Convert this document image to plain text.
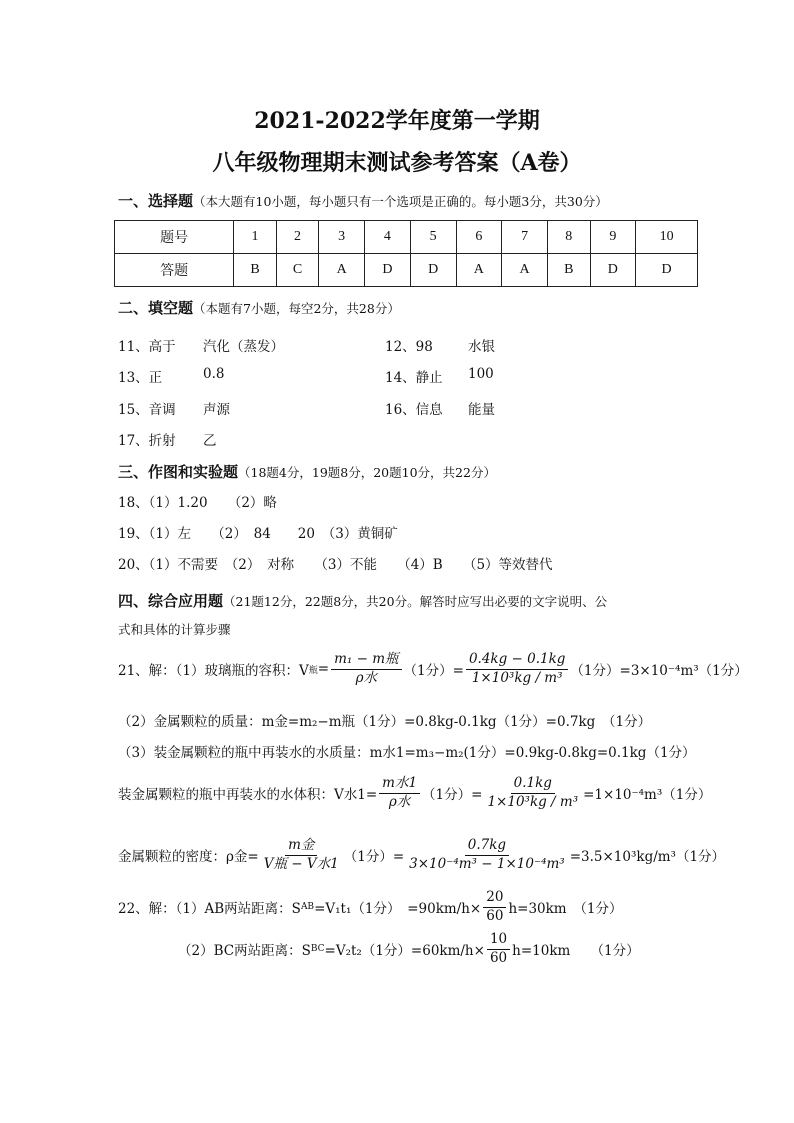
2021-2022学年度第一学期
八年级物理期末测试参考答案（A卷）
一、选择题（本大题有10小题，每小题只有一个选项是正确的。每小题3分，共30分）
题号	1	2	3	4	5	6	7	8	9	10
答题	B	C	A	D	D	A	A	B	D	D
二、填空题（本题有7小题，每空2分，共28分）
11、高于 汽化（蒸发）	12、98	水银
13、正	0.8	14、静止 100
15、音调 声源	16、信息 能量
17、折射 乙
三、作图和实验题（18题4分，19题8分，20题10分，共22分）
18、（1）1.20　　（2）略
19、（1）左　　（2）　84　　20　（3）黄铜矿
20、（1）不需要　（2）　对称　　（3）不能　　（4）B　　（5）等效替代
四、综合应用题（21题12分，22题8分，共20分。解答时应写出必要的文字说明、公
式和具体的计算步骤
21、解：（1）玻璃瓶的容积：V 瓶 = $\frac{\text{m₁ − m瓶}}{\text{ρ水}} (1$分）= $\frac{0.4kg - 0.1kg}{\text{1×10³kg / m³}} (1$分）=3×10⁻⁴m³（1分）
（2）金属颗粒的质量：m金=m₂−m瓶（1分）=0.8kg-0.1kg（1分）=0.7kg　（1分）
（3）装金属颗粒的瓶中再装水的水质量：m水1=m₃−m₂(1分）=0.9kg-0.8kg=0.1kg（1分）
装金属颗粒的瓶中再装水的水体积：V水$1= \frac{\text{m水1}}{\text{ρ水}} (1$分）= $\frac{0.1kg}{\text{1×10³kg / m³}} =1\times 10^{-4}m^3(1$分）
金属颗粒的密度：ρ金= $\frac{\text{m金}}{\text{V瓶 − V水1}} (1$分）= $\frac{0.7kg}{\text{3×10⁻⁴m³ − 1×10⁻⁴m³}} =3.5\times 10^3kg/m^3(1$分）
22、解：（1）AB两站距离：S AB =V₁t₁（1分）　$=90km/h\times \frac{20}{60} h=30km$　（1分）
（2）BC两站距离：S BC =V₂t₂（1分）$=60km/h\times \frac{10}{60} h=10km$　　（1分）
